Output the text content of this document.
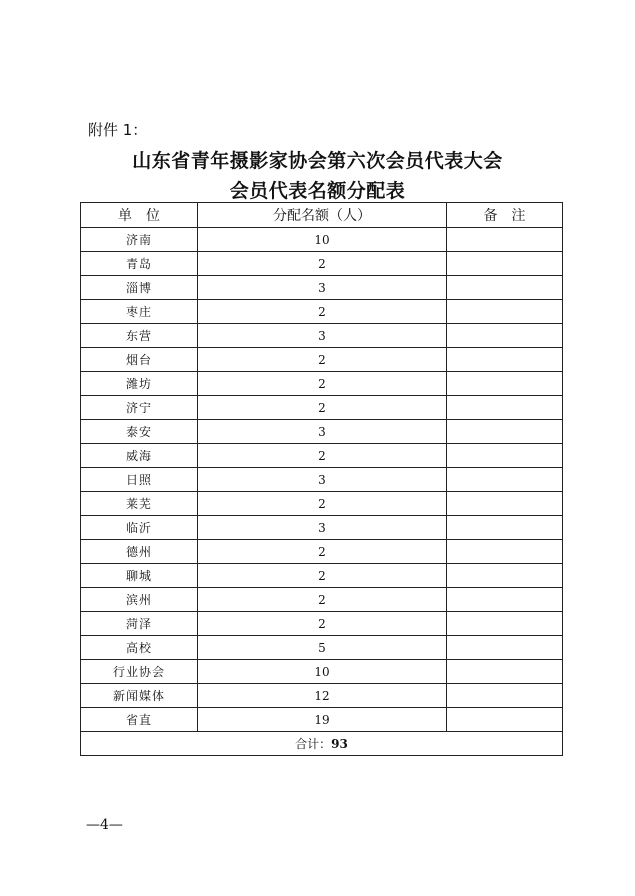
附件 1：
山东省青年摄影家协会第六次会员代表大会
会员代表名额分配表
单　位	分配名额（人）	备　注
济南	10	
青岛	2	
淄博	3	
枣庄	2	
东营	3	
烟台	2	
潍坊	2	
济宁	2	
泰安	3	
威海	2	
日照	3	
莱芜	2	
临沂	3	
德州	2	
聊城	2	
滨州	2	
菏泽	2	
高校	5	
行业协会	10	
新闻媒体	12	
省直	19	
合计：93		
—4—
